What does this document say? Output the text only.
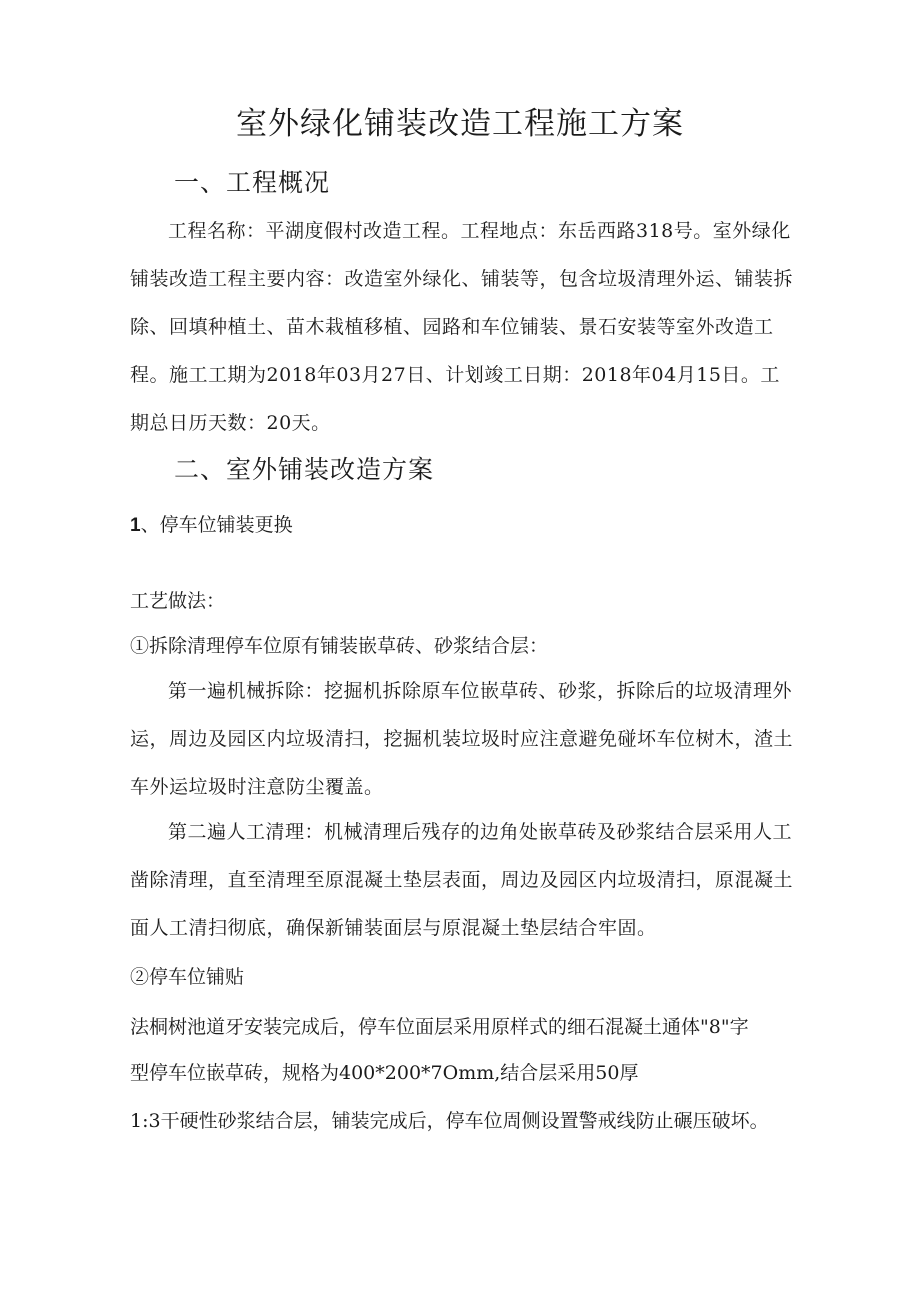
室外绿化铺装改造工程施工方案
一、工程概况
工程名称：平湖度假村改造工程。工程地点：东岳西路318号。室外绿化铺装改造工程主要内容：改造室外绿化、铺装等，包含垃圾清理外运、铺装拆除、回填种植土、苗木栽植移植、园路和车位铺装、景石安装等室外改造工程。施工工期为2018年03月27日、计划竣工日期：2018年04月15日。工期总日历天数：20天。
二、室外铺装改造方案
1、停车位铺装更换
工艺做法：
①拆除清理停车位原有铺装嵌草砖、砂浆结合层：
第一遍机械拆除：挖掘机拆除原车位嵌草砖、砂浆，拆除后的垃圾清理外运，周边及园区内垃圾清扫，挖掘机装垃圾时应注意避免碰坏车位树木，渣土车外运垃圾时注意防尘覆盖。
第二遍人工清理：机械清理后残存的边角处嵌草砖及砂浆结合层采用人工凿除清理，直至清理至原混凝土垫层表面，周边及园区内垃圾清扫，原混凝土面人工清扫彻底，确保新铺装面层与原混凝土垫层结合牢固。
②停车位铺贴
法桐树池道牙安装完成后，停车位面层采用原样式的细石混凝土通体"8"字
型停车位嵌草砖，规格为400*200*7Omm,结合层采用50厚
1:3干硬性砂浆结合层，铺装完成后，停车位周侧设置警戒线防止碾压破坏。
